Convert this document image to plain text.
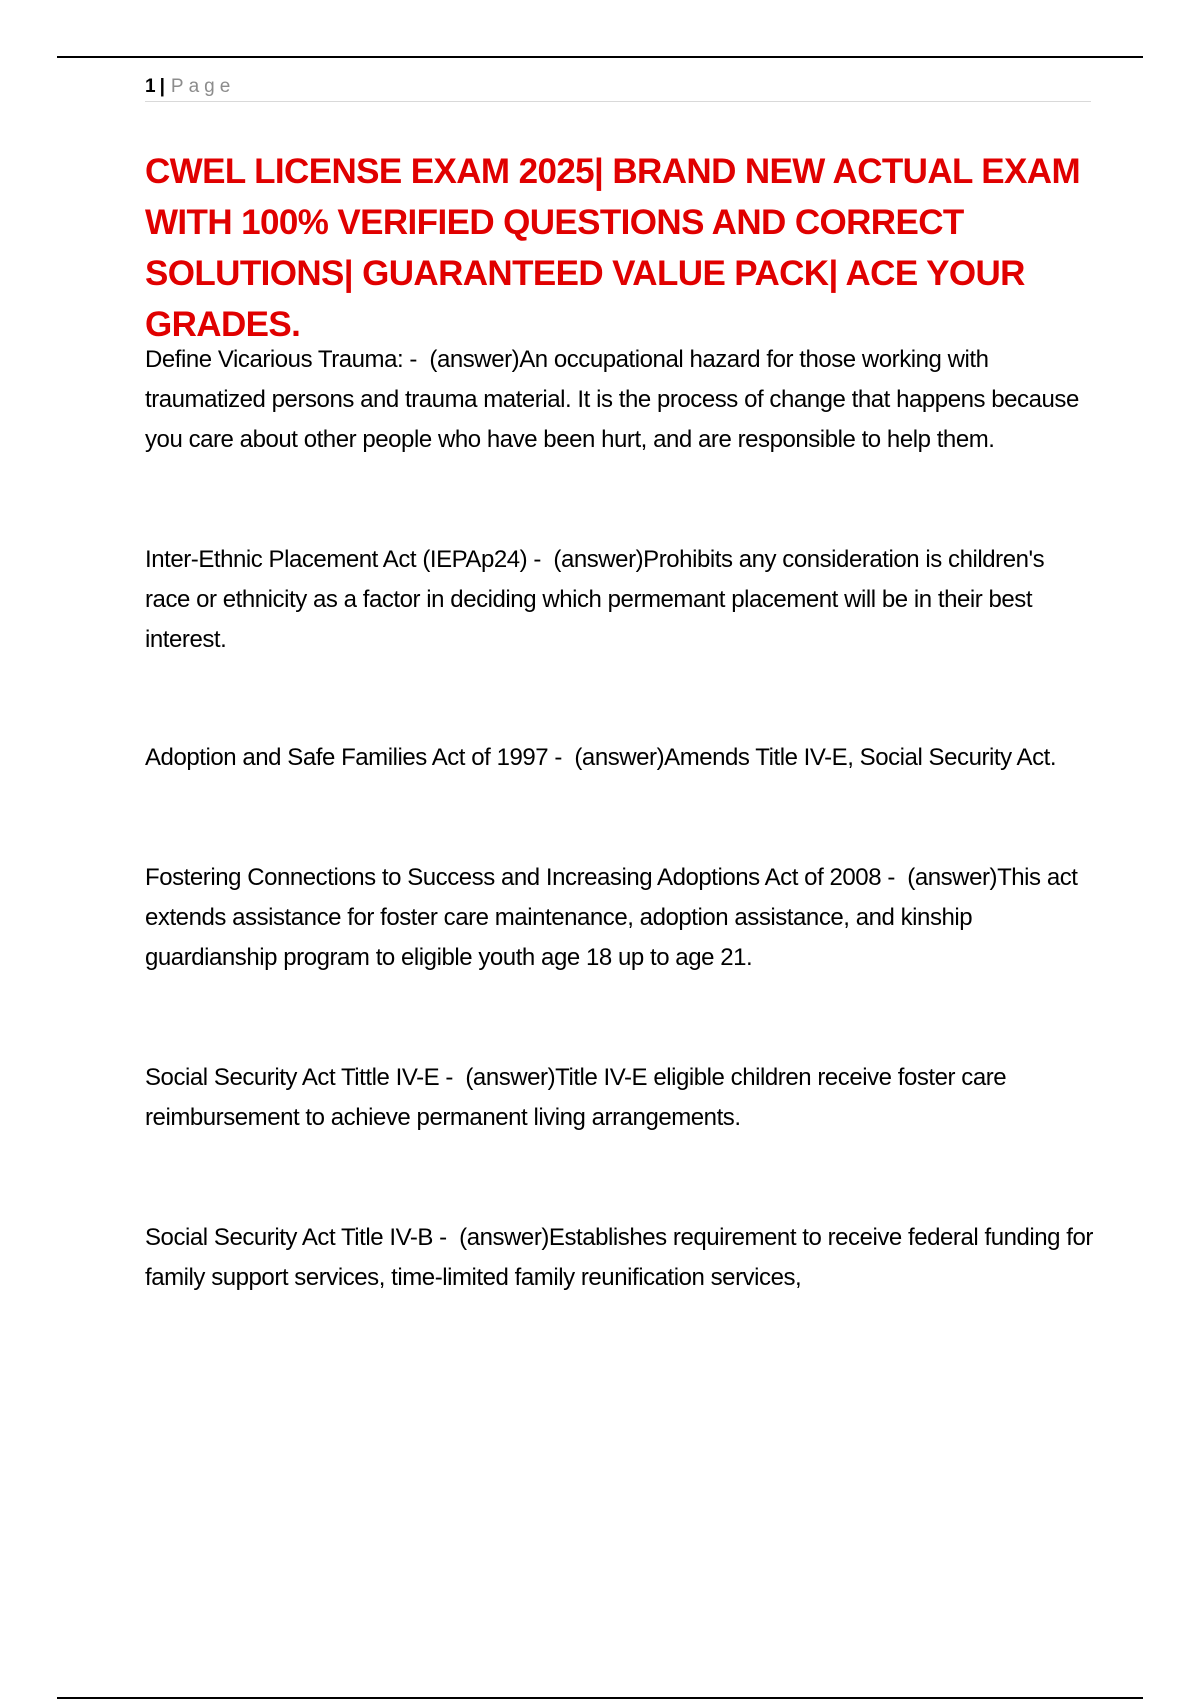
1 | Page
CWEL LICENSE EXAM 2025| BRAND NEW ACTUAL EXAM WITH 100% VERIFIED QUESTIONS AND CORRECT SOLUTIONS| GUARANTEED VALUE PACK| ACE YOUR GRADES.
Define Vicarious Trauma: - (answer)An occupational hazard for those working with traumatized persons and trauma material. It is the process of change that happens because you care about other people who have been hurt, and are responsible to help them.
Inter-Ethnic Placement Act (IEPAp24) - (answer)Prohibits any consideration is children's race or ethnicity as a factor in deciding which permemant placement will be in their best interest.
Adoption and Safe Families Act of 1997 - (answer)Amends Title IV-E, Social Security Act.
Fostering Connections to Success and Increasing Adoptions Act of 2008 - (answer)This act extends assistance for foster care maintenance, adoption assistance, and kinship guardianship program to eligible youth age 18 up to age 21.
Social Security Act Tittle IV-E - (answer)Title IV-E eligible children receive foster care reimbursement to achieve permanent living arrangements.
Social Security Act Title IV-B - (answer)Establishes requirement to receive federal funding for family support services, time-limited family reunification services,
